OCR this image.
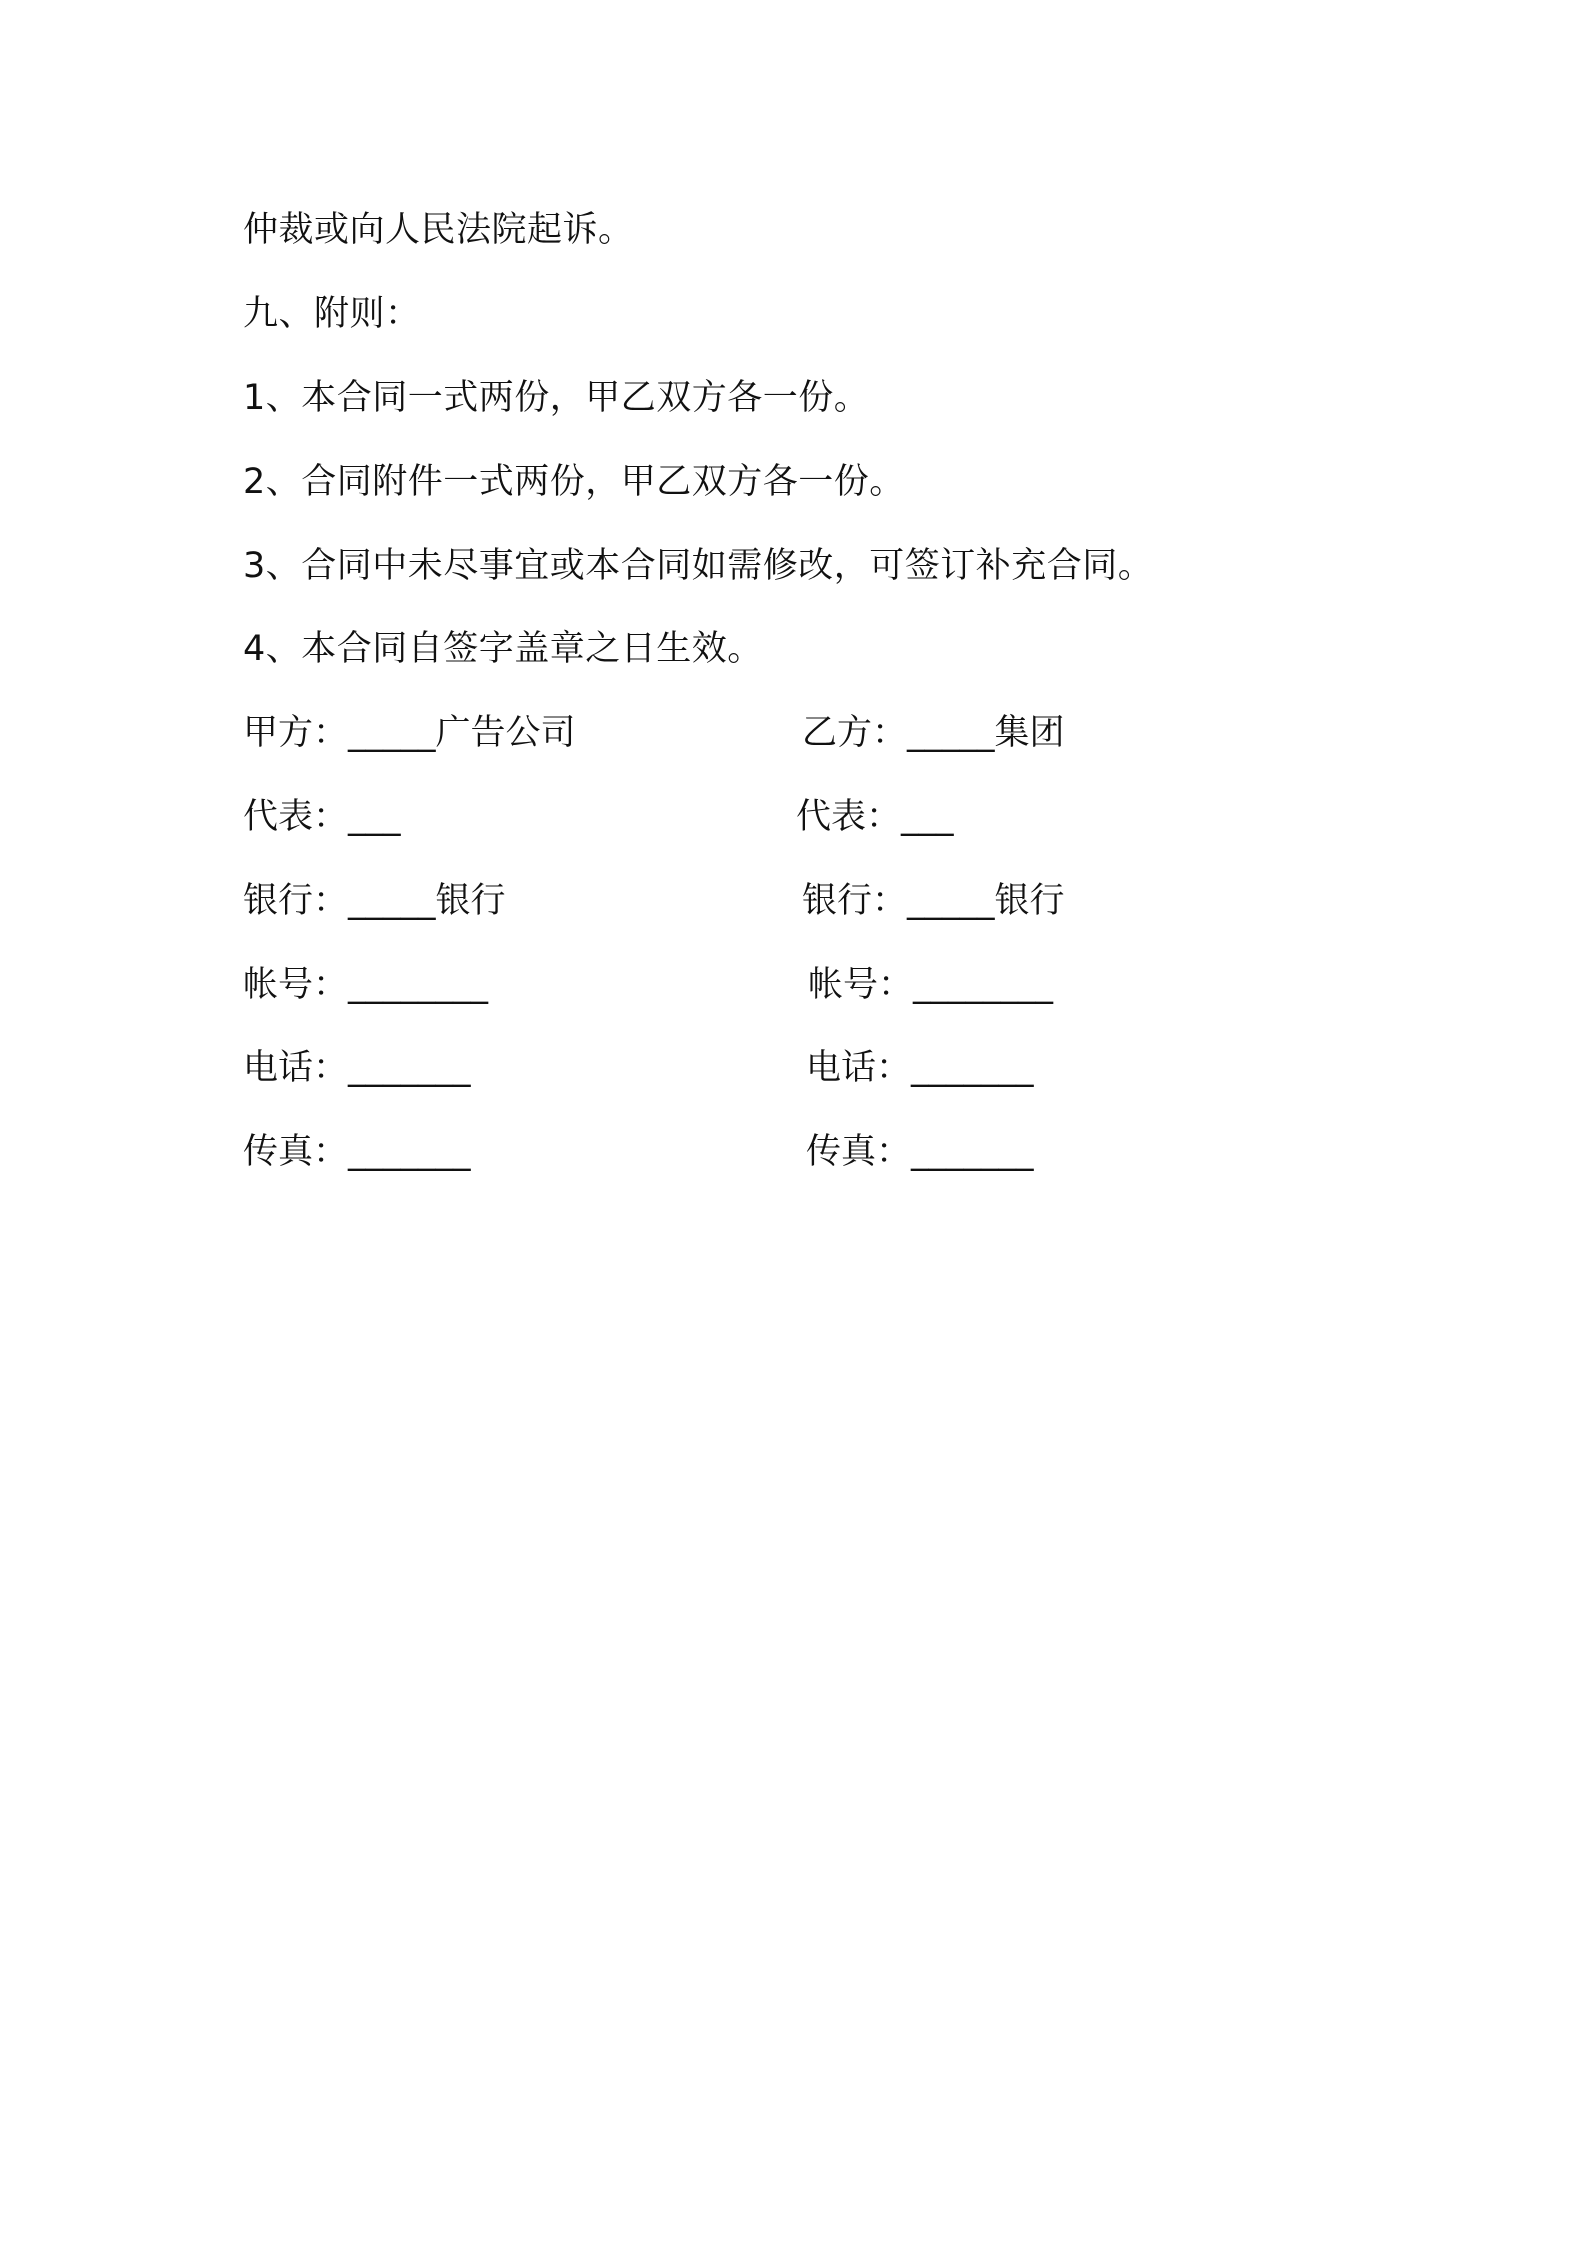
仲裁或向人民法院起诉。
九、附则：
1、本合同一式两份，甲乙双方各一份。
2、合同附件一式两份，甲乙双方各一份。
3、合同中未尽事宜或本合同如需修改，可签订补充合同。
4、本合同自签字盖章之日生效。
甲方：_____广告公司	乙方：_____集团
代表：___	代表：___
银行：_____银行	银行：_____银行
帐号：________	帐号：________
电话：_______	电话：_______
传真：_______	传真：_______
